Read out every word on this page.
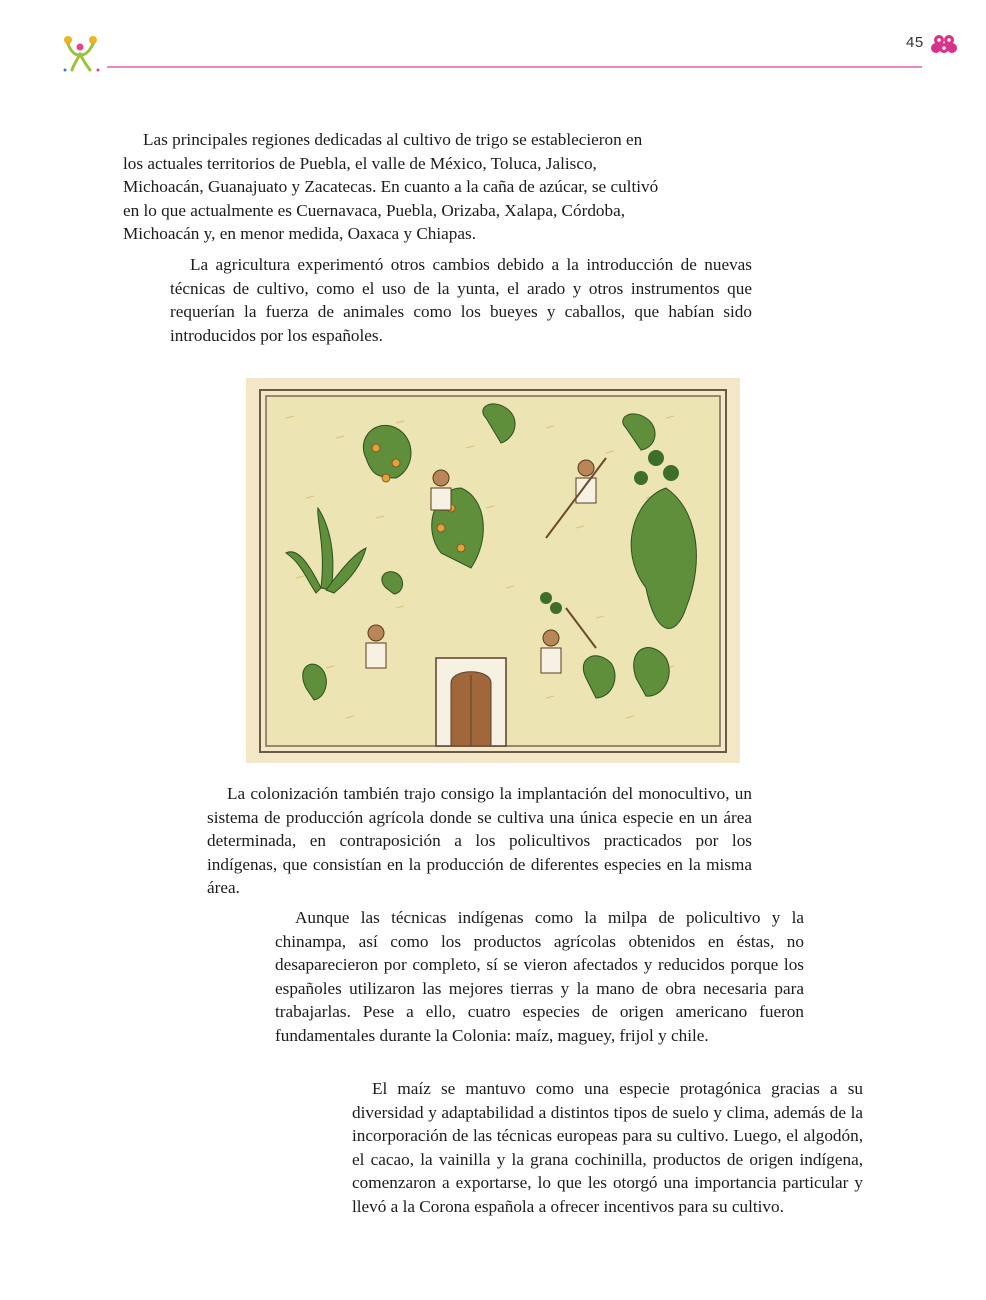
45

Las principales regiones dedicadas al cultivo de trigo se establecieron en los actuales territorios de Puebla, el valle de México, Toluca, Jalisco, Michoacán, Guanajuato y Zacatecas. En cuanto a la caña de azúcar, se cultivó en lo que actualmente es Cuernavaca, Puebla, Orizaba, Xalapa, Córdoba, Michoacán y, en menor medida, Oaxaca y Chiapas.

La agricultura experimentó otros cambios debido a la introducción de nuevas técnicas de cultivo, como el uso de la yunta, el arado y otros instrumentos que requerían la fuerza de animales como los bueyes y caballos, que habían sido introducidos por los españoles.

La colonización también trajo consigo la implantación del monocultivo, un sistema de producción agrícola donde se cultiva una única especie en un área determinada, en contraposición a los policultivos practicados por los indígenas, que consistían en la producción de diferentes especies en la misma área.

Aunque las técnicas indígenas como la milpa de policultivo y la chinampa, así como los productos agrícolas obtenidos en éstas, no desaparecieron por completo, sí se vieron afectados y reducidos porque los españoles utilizaron las mejores tierras y la mano de obra necesaria para trabajarlas. Pese a ello, cuatro especies de origen americano fueron fundamentales durante la Colonia: maíz, maguey, frijol y chile.

El maíz se mantuvo como una especie protagónica gracias a su diversidad y adaptabilidad a distintos tipos de suelo y clima, además de la incorporación de las técnicas europeas para su cultivo. Luego, el algodón, el cacao, la vainilla y la grana cochinilla, productos de origen indígena, comenzaron a exportarse, lo que les otorgó una importancia particular y llevó a la Corona española a ofrecer incentivos para su cultivo.
